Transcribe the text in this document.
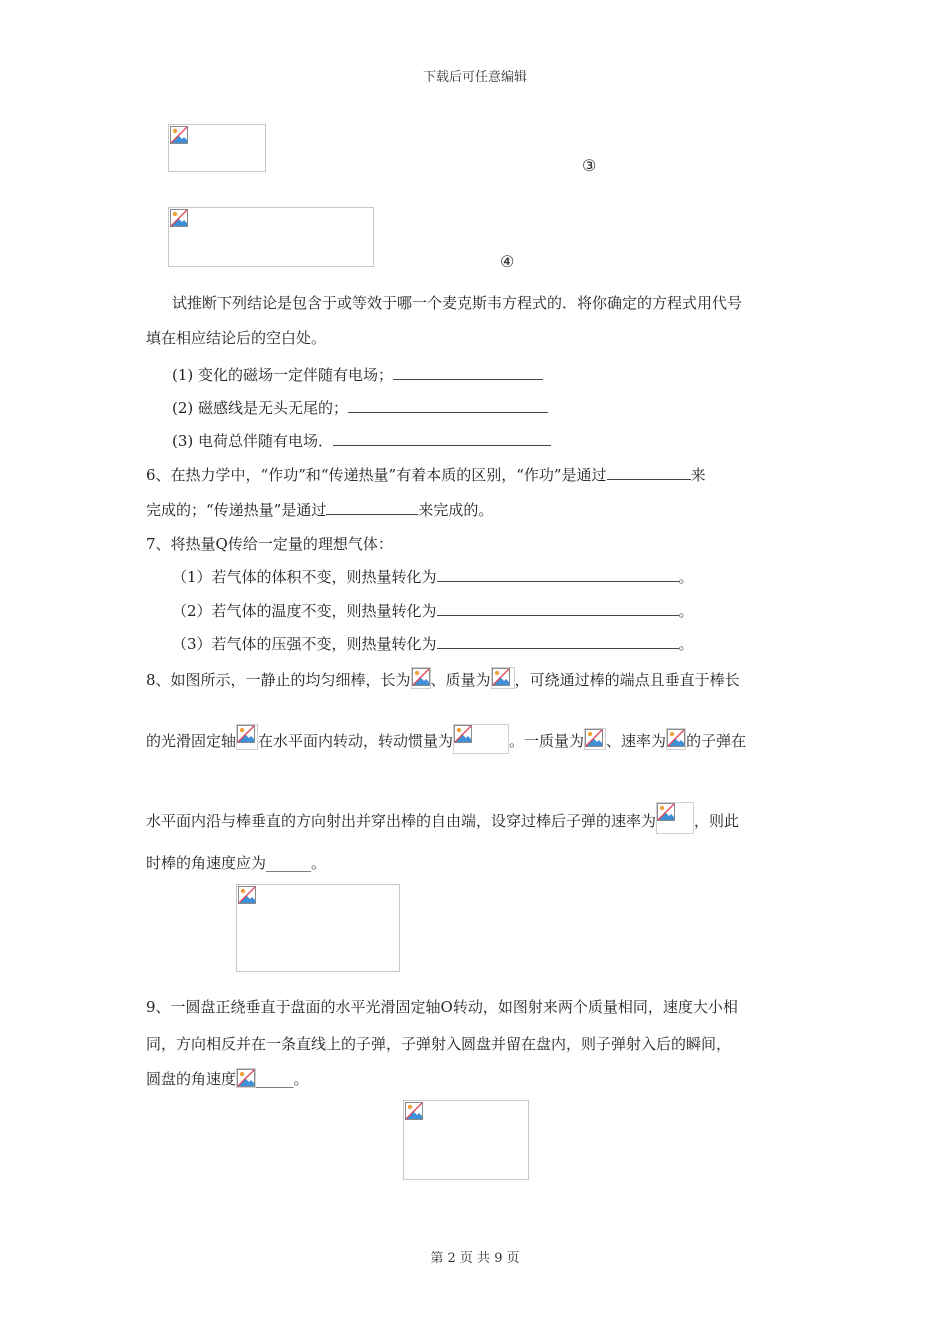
下载后可任意编辑
③
④
试推断下列结论是包含于或等效于哪一个麦克斯韦方程式的．将你确定的方程式用代号
填在相应结论后的空白处。
(1) 变化的磁场一定伴随有电场；
(2) 磁感线是无头无尾的；
(3) 电荷总伴随有电场．
6、在热力学中，“作功”和“传递热量”有着本质的区别，“作功”是通过	来
完成的；“传递热量”是通过	来完成的。
7、将热量Q传给一定量的理想气体：
（1）若气体的体积不变，则热量转化为	。
（2）若气体的温度不变，则热量转化为	。
（3）若气体的压强不变，则热量转化为	。
8、如图所示，一静止的均匀细棒，长为 、质量为 ，可绕通过棒的端点且垂直于棒长
的光滑固定轴 在水平面内转动，转动惯量为	。一质量为 、速率为 的子弹在
水平面内沿与棒垂直的方向射出并穿出棒的自由端，设穿过棒后子弹的速率为	，则此
时棒的角速度应为______。
9、一圆盘正绕垂直于盘面的水平光滑固定轴O转动，如图射来两个质量相同，速度大小相
同，方向相反并在一条直线上的子弹，子弹射入圆盘并留在盘内，则子弹射入后的瞬间，
圆盘的角速度 _____。
第 2 页 共 9 页
